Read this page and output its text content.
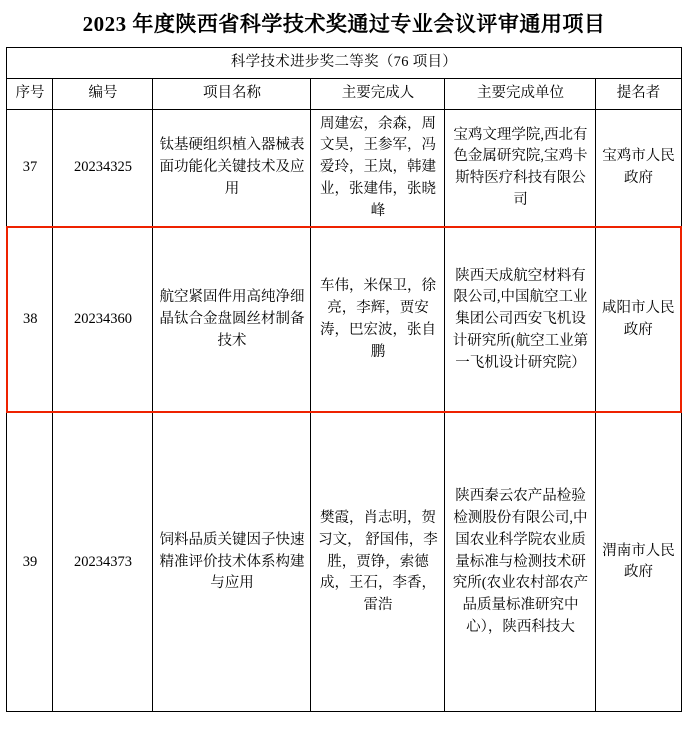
2023 年度陕西省科学技术奖通过专业会议评审通用项目
科学技术进步奖二等奖（76 项目）					
序号	编号	项目名称	主要完成人	主要完成单位	提名者
37	20234325	钛基硬组织植入器械表面功能化关键技术及应用	周建宏，余森，周文昊，王参军，冯爱玲，王岚，韩建业，张建伟，张晓峰	宝鸡文理学院,西北有色金属研究院,宝鸡卡斯特医疗科技有限公司	宝鸡市人民政府
38	20234360	航空紧固件用高纯净细晶钛合金盘圆丝材制备技术	车伟，米保卫，徐亮，李辉，贾安涛，巴宏波，张自鹏	陕西天成航空材料有限公司,中国航空工业集团公司西安飞机设计研究所(航空工业第一飞机设计研究院）	咸阳市人民政府
39	20234373	饲料品质关键因子快速精准评价技术体系构建与应用	樊霞，肖志明，贺习文， 舒国伟，李胜，贾铮，索德成，王石，李香，雷浩	陕西秦云农产品检验检测股份有限公司,中国农业科学院农业质量标准与检测技术研究所(农业农村部农产品质量标准研究中心），陕西科技大	渭南市人民政府
